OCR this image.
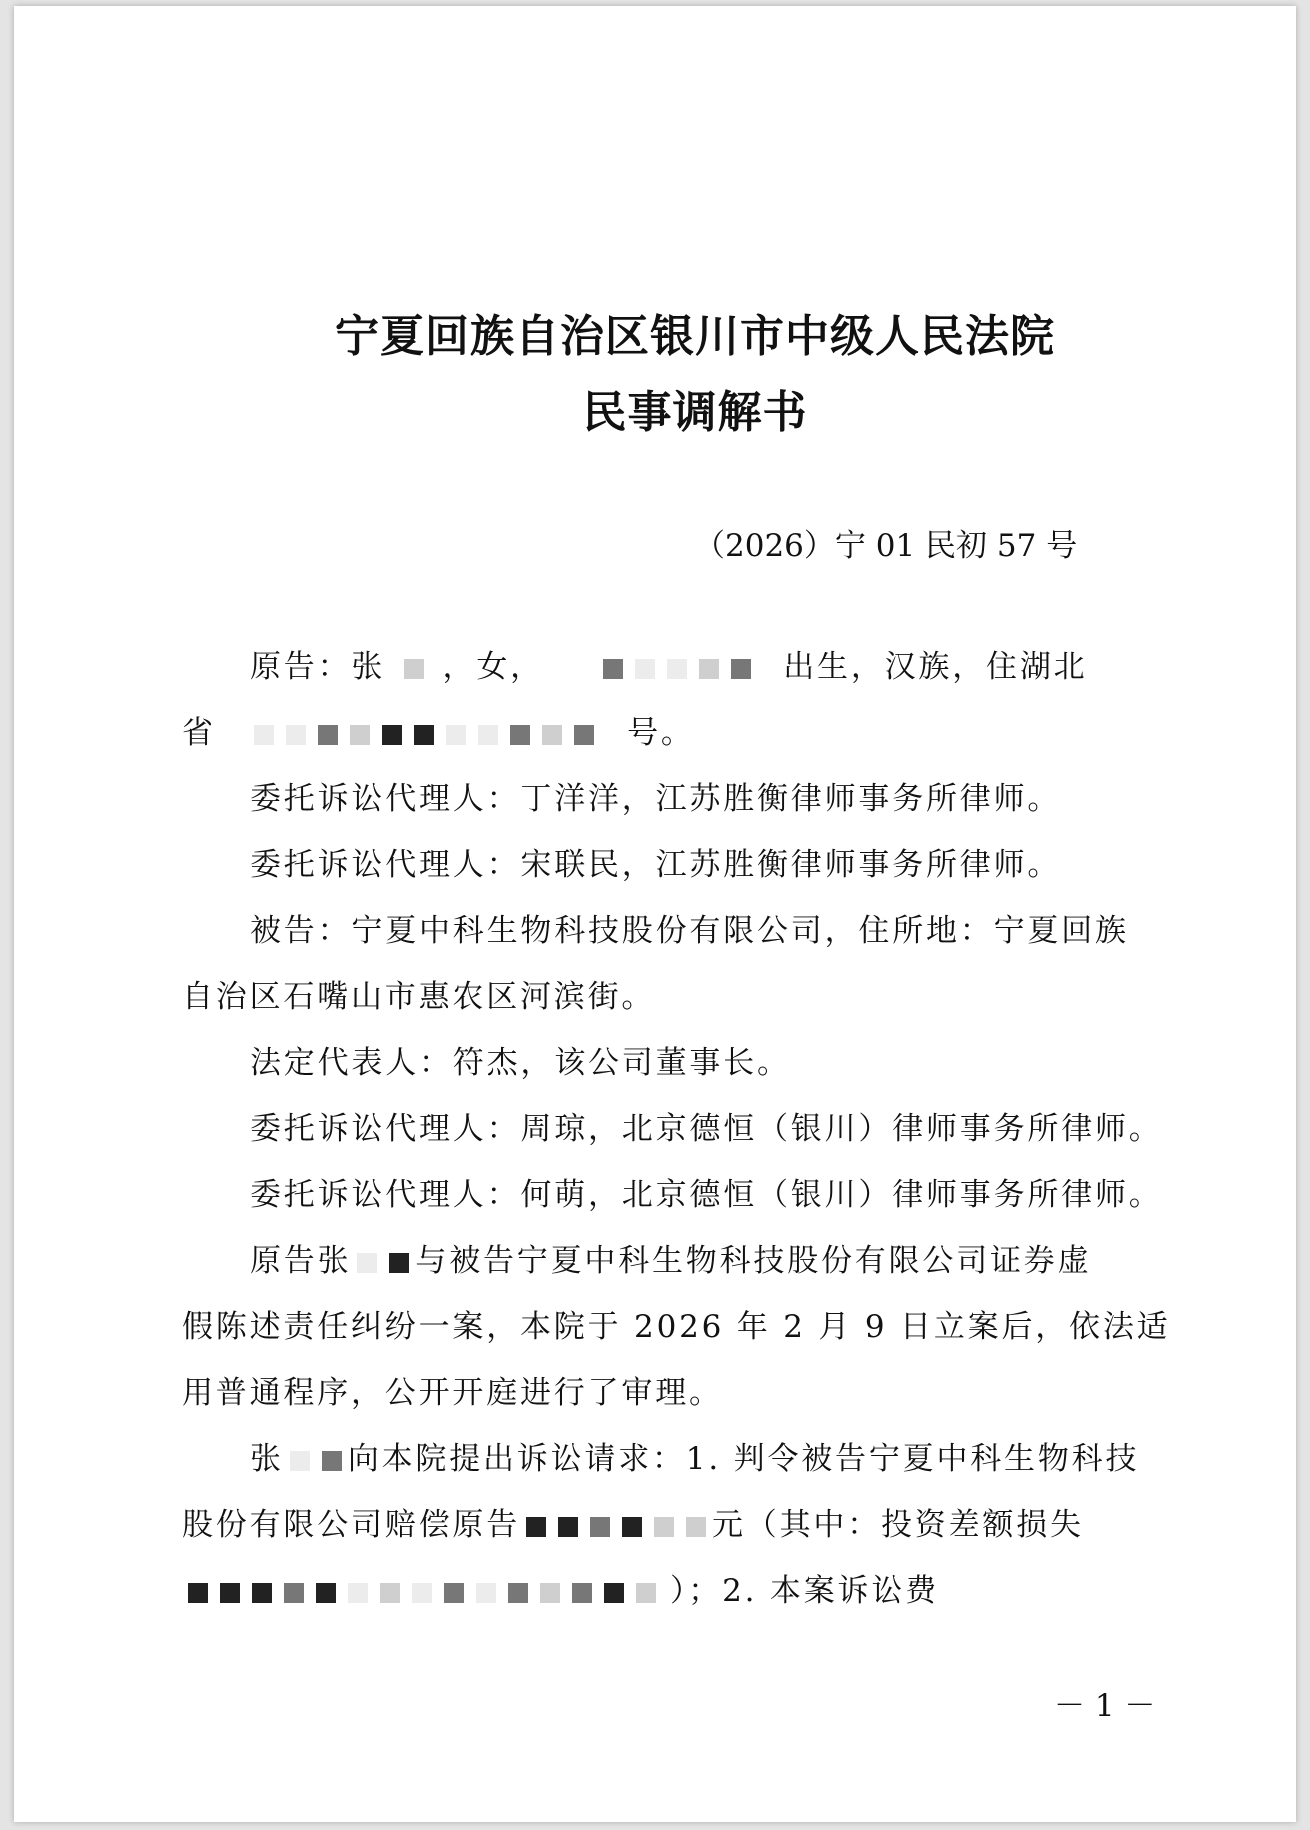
宁夏回族自治区银川市中级人民法院
民事调解书

（2026）宁 01 民初 57 号

原告：张 ，女，	出生，汉族，住湖北

省	号。

委托诉讼代理人：丁洋洋，江苏胜衡律师事务所律师。

委托诉讼代理人：宋联民，江苏胜衡律师事务所律师。

被告：宁夏中科生物科技股份有限公司，住所地：宁夏回族

自治区石嘴山市惠农区河滨街。

法定代表人：符杰，该公司董事长。

委托诉讼代理人：周琼，北京德恒（银川）律师事务所律师。

委托诉讼代理人：何萌，北京德恒（银川）律师事务所律师。

原告张 与被告宁夏中科生物科技股份有限公司证券虚

假陈述责任纠纷一案，本院于 2026 年 2 月 9 日立案后，依法适

用普通程序，公开开庭进行了审理。

张 向本院提出诉讼请求：1. 判令被告宁夏中科生物科技

股份有限公司赔偿原告	元（其中：投资差额损失

）；2. 本案诉讼费

－ 1 －
